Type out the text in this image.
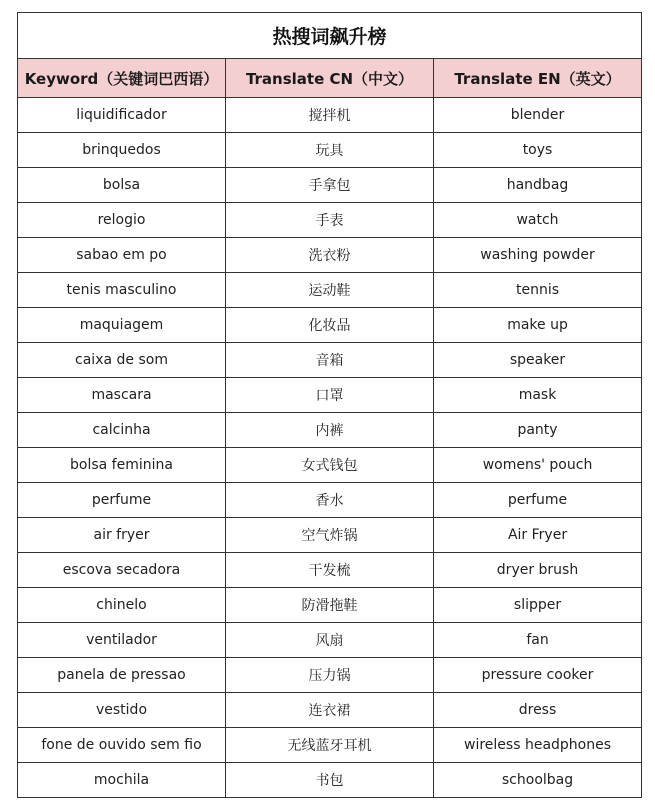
热搜词飙升榜		
Keyword（关键词巴西语）	Translate CN（中文）	Translate EN（英文）
liquidificador	搅拌机	blender
brinquedos	玩具	toys
bolsa	手拿包	handbag
relogio	手表	watch
sabao em po	洗衣粉	washing powder
tenis masculino	运动鞋	tennis
maquiagem	化妆品	make up
caixa de som	音箱	speaker
mascara	口罩	mask
calcinha	内裤	panty
bolsa feminina	女式钱包	womens' pouch
perfume	香水	perfume
air fryer	空气炸锅	Air Fryer
escova secadora	干发梳	dryer brush
chinelo	防滑拖鞋	slipper
ventilador	风扇	fan
panela de pressao	压力锅	pressure cooker
vestido	连衣裙	dress
fone de ouvido sem fio	无线蓝牙耳机	wireless headphones
mochila	书包	schoolbag
